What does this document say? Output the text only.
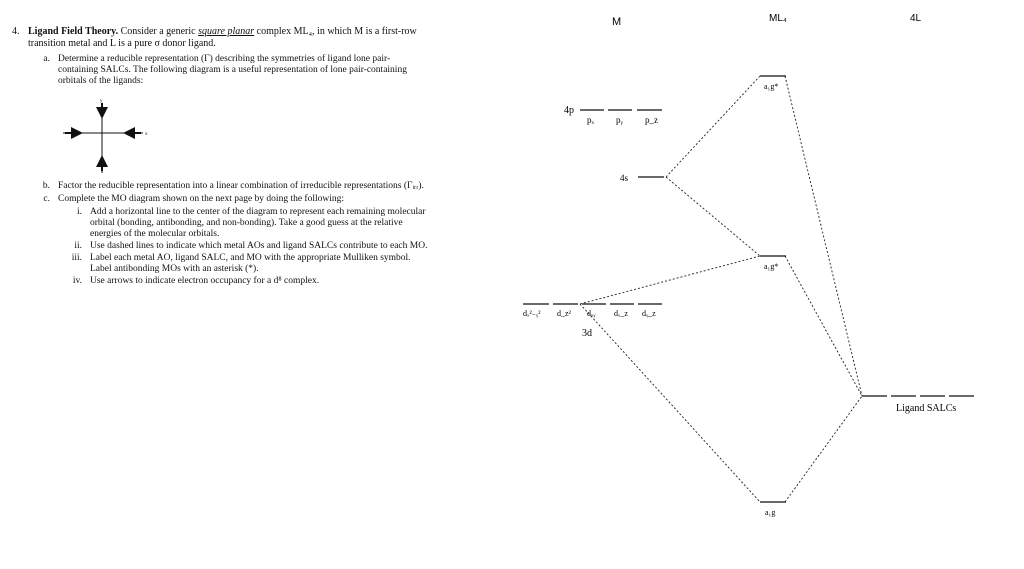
4. Ligand Field Theory. Consider a generic square planar complex ML₄, in which M is a first-row
transition metal and L is a pure σ donor ligand.
a. Determine a reducible representation (Γ) describing the symmetries of ligand lone pair-
containing SALCs. The following diagram is a useful representation of lone pair-containing
orbitals of the ligands:
y
x
b. Factor the reducible representation into a linear combination of irreducible representations (Γᵢᵣᵣ).
c. Complete the MO diagram shown on the next page by doing the following:
i. Add a horizontal line to the center of the diagram to represent each remaining molecular
orbital (bonding, antibonding, and non-bonding). Take a good guess at the relative
energies of the molecular orbitals.
ii. Use dashed lines to indicate which metal AOs and ligand SALCs contribute to each MO.
iii. Label each metal AO, ligand SALC, and MO with the appropriate Mulliken symbol.
Label antibonding MOs with an asterisk (*).
iv. Use arrows to indicate electron occupancy for a d⁸ complex.
M	ML₄	4L
4p
pₓ pᵧ p_z
4s
dₓ²₋ᵧ² d_z² dₓᵧ dₓ_z dᵧ_z
3d
a₁g*
a₁g*
a₁g
Ligand SALCs
